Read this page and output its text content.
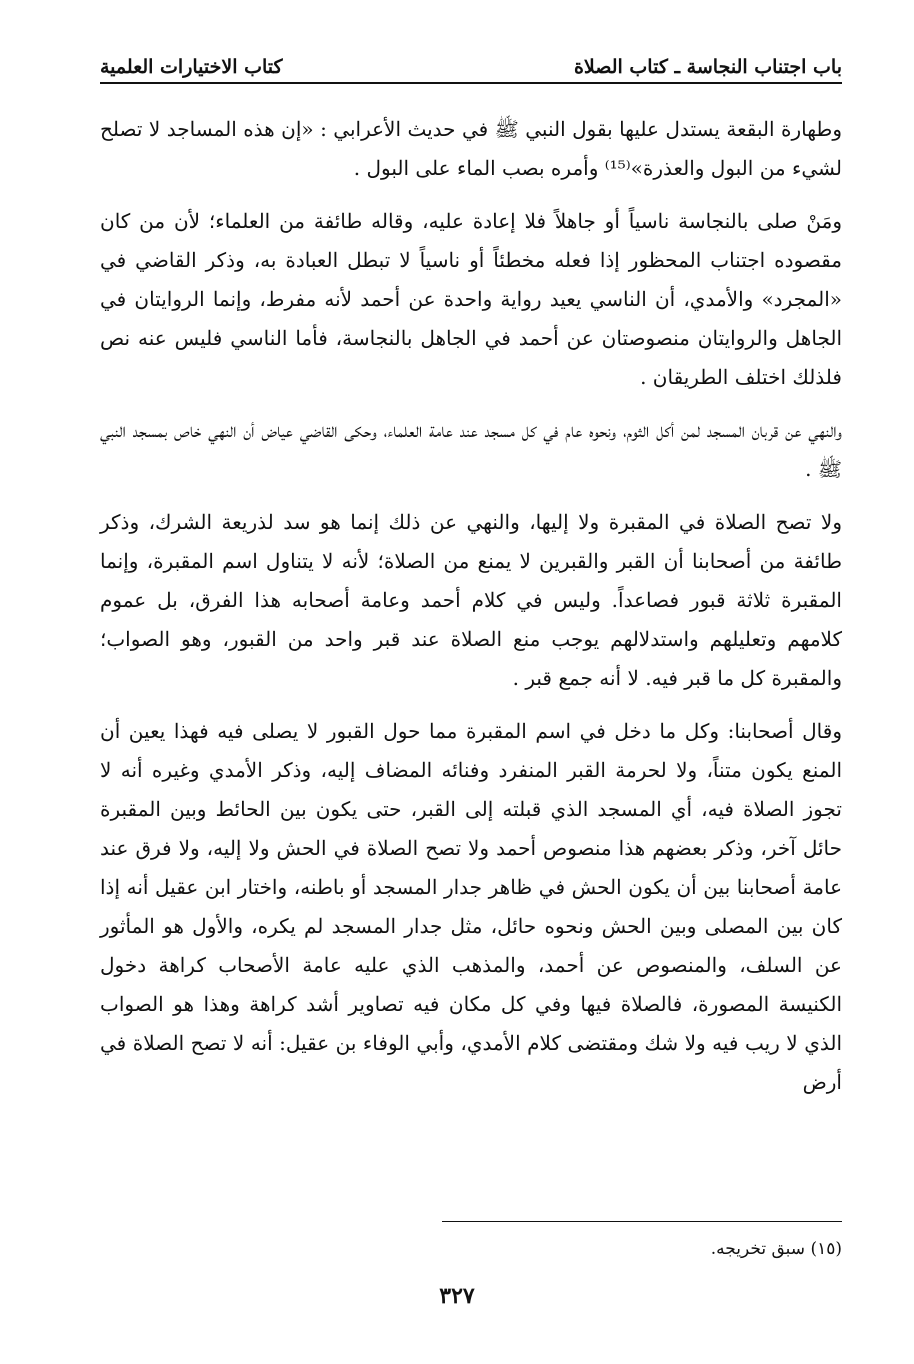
باب اجتناب النجاسة ـ كتاب الصلاة
كتاب الاختيارات العلمية

وطهارة البقعة يستدل عليها بقول النبي ﷺ في حديث الأعرابي : «إن هذه المساجد لا تصلح لشيء من البول والعذرة»⁽¹⁵⁾ وأمره بصب الماء على البول .

ومَنْ صلى بالنجاسة ناسياً أو جاهلاً فلا إعادة عليه، وقاله طائفة من العلماء؛ لأن من كان مقصوده اجتناب المحظور إذا فعله مخطئاً أو ناسياً لا تبطل العبادة به، وذكر القاضي في «المجرد» والأمدي، أن الناسي يعيد رواية واحدة عن أحمد لأنه مفرط، وإنما الروايتان في الجاهل والروايتان منصوصتان عن أحمد في الجاهل بالنجاسة، فأما الناسي فليس عنه نص فلذلك اختلف الطريقان .

والنهي عن قربان المسجد لمن أكل الثوم، ونحوه عام في كل مسجد عند عامة العلماء، وحكى القاضي عياض أن النهي خاص بمسجد النبي ﷺ .

ولا تصح الصلاة في المقبرة ولا إليها، والنهي عن ذلك إنما هو سد لذريعة الشرك، وذكر طائفة من أصحابنا أن القبر والقبرين لا يمنع من الصلاة؛ لأنه لا يتناول اسم المقبرة، وإنما المقبرة ثلاثة قبور فصاعداً. وليس في كلام أحمد وعامة أصحابه هذا الفرق، بل عموم كلامهم وتعليلهم واستدلالهم يوجب منع الصلاة عند قبر واحد من القبور، وهو الصواب؛ والمقبرة كل ما قبر فيه. لا أنه جمع قبر .

وقال أصحابنا: وكل ما دخل في اسم المقبرة مما حول القبور لا يصلى فيه فهذا يعين أن المنع يكون متناً، ولا لحرمة القبر المنفرد وفنائه المضاف إليه، وذكر الأمدي وغيره أنه لا تجوز الصلاة فيه، أي المسجد الذي قبلته إلى القبر، حتى يكون بين الحائط وبين المقبرة حائل آخر، وذكر بعضهم هذا منصوص أحمد ولا تصح الصلاة في الحش ولا إليه، ولا فرق عند عامة أصحابنا بين أن يكون الحش في ظاهر جدار المسجد أو باطنه، واختار ابن عقيل أنه إذا كان بين المصلى وبين الحش ونحوه حائل، مثل جدار المسجد لم يكره، والأول هو المأثور عن السلف، والمنصوص عن أحمد، والمذهب الذي عليه عامة الأصحاب كراهة دخول الكنيسة المصورة، فالصلاة فيها وفي كل مكان فيه تصاوير أشد كراهة وهذا هو الصواب الذي لا ريب فيه ولا شك ومقتضى كلام الأمدي، وأبي الوفاء بن عقيل: أنه لا تصح الصلاة في أرض

(١٥) سبق تخريجه.
٣٢٧
